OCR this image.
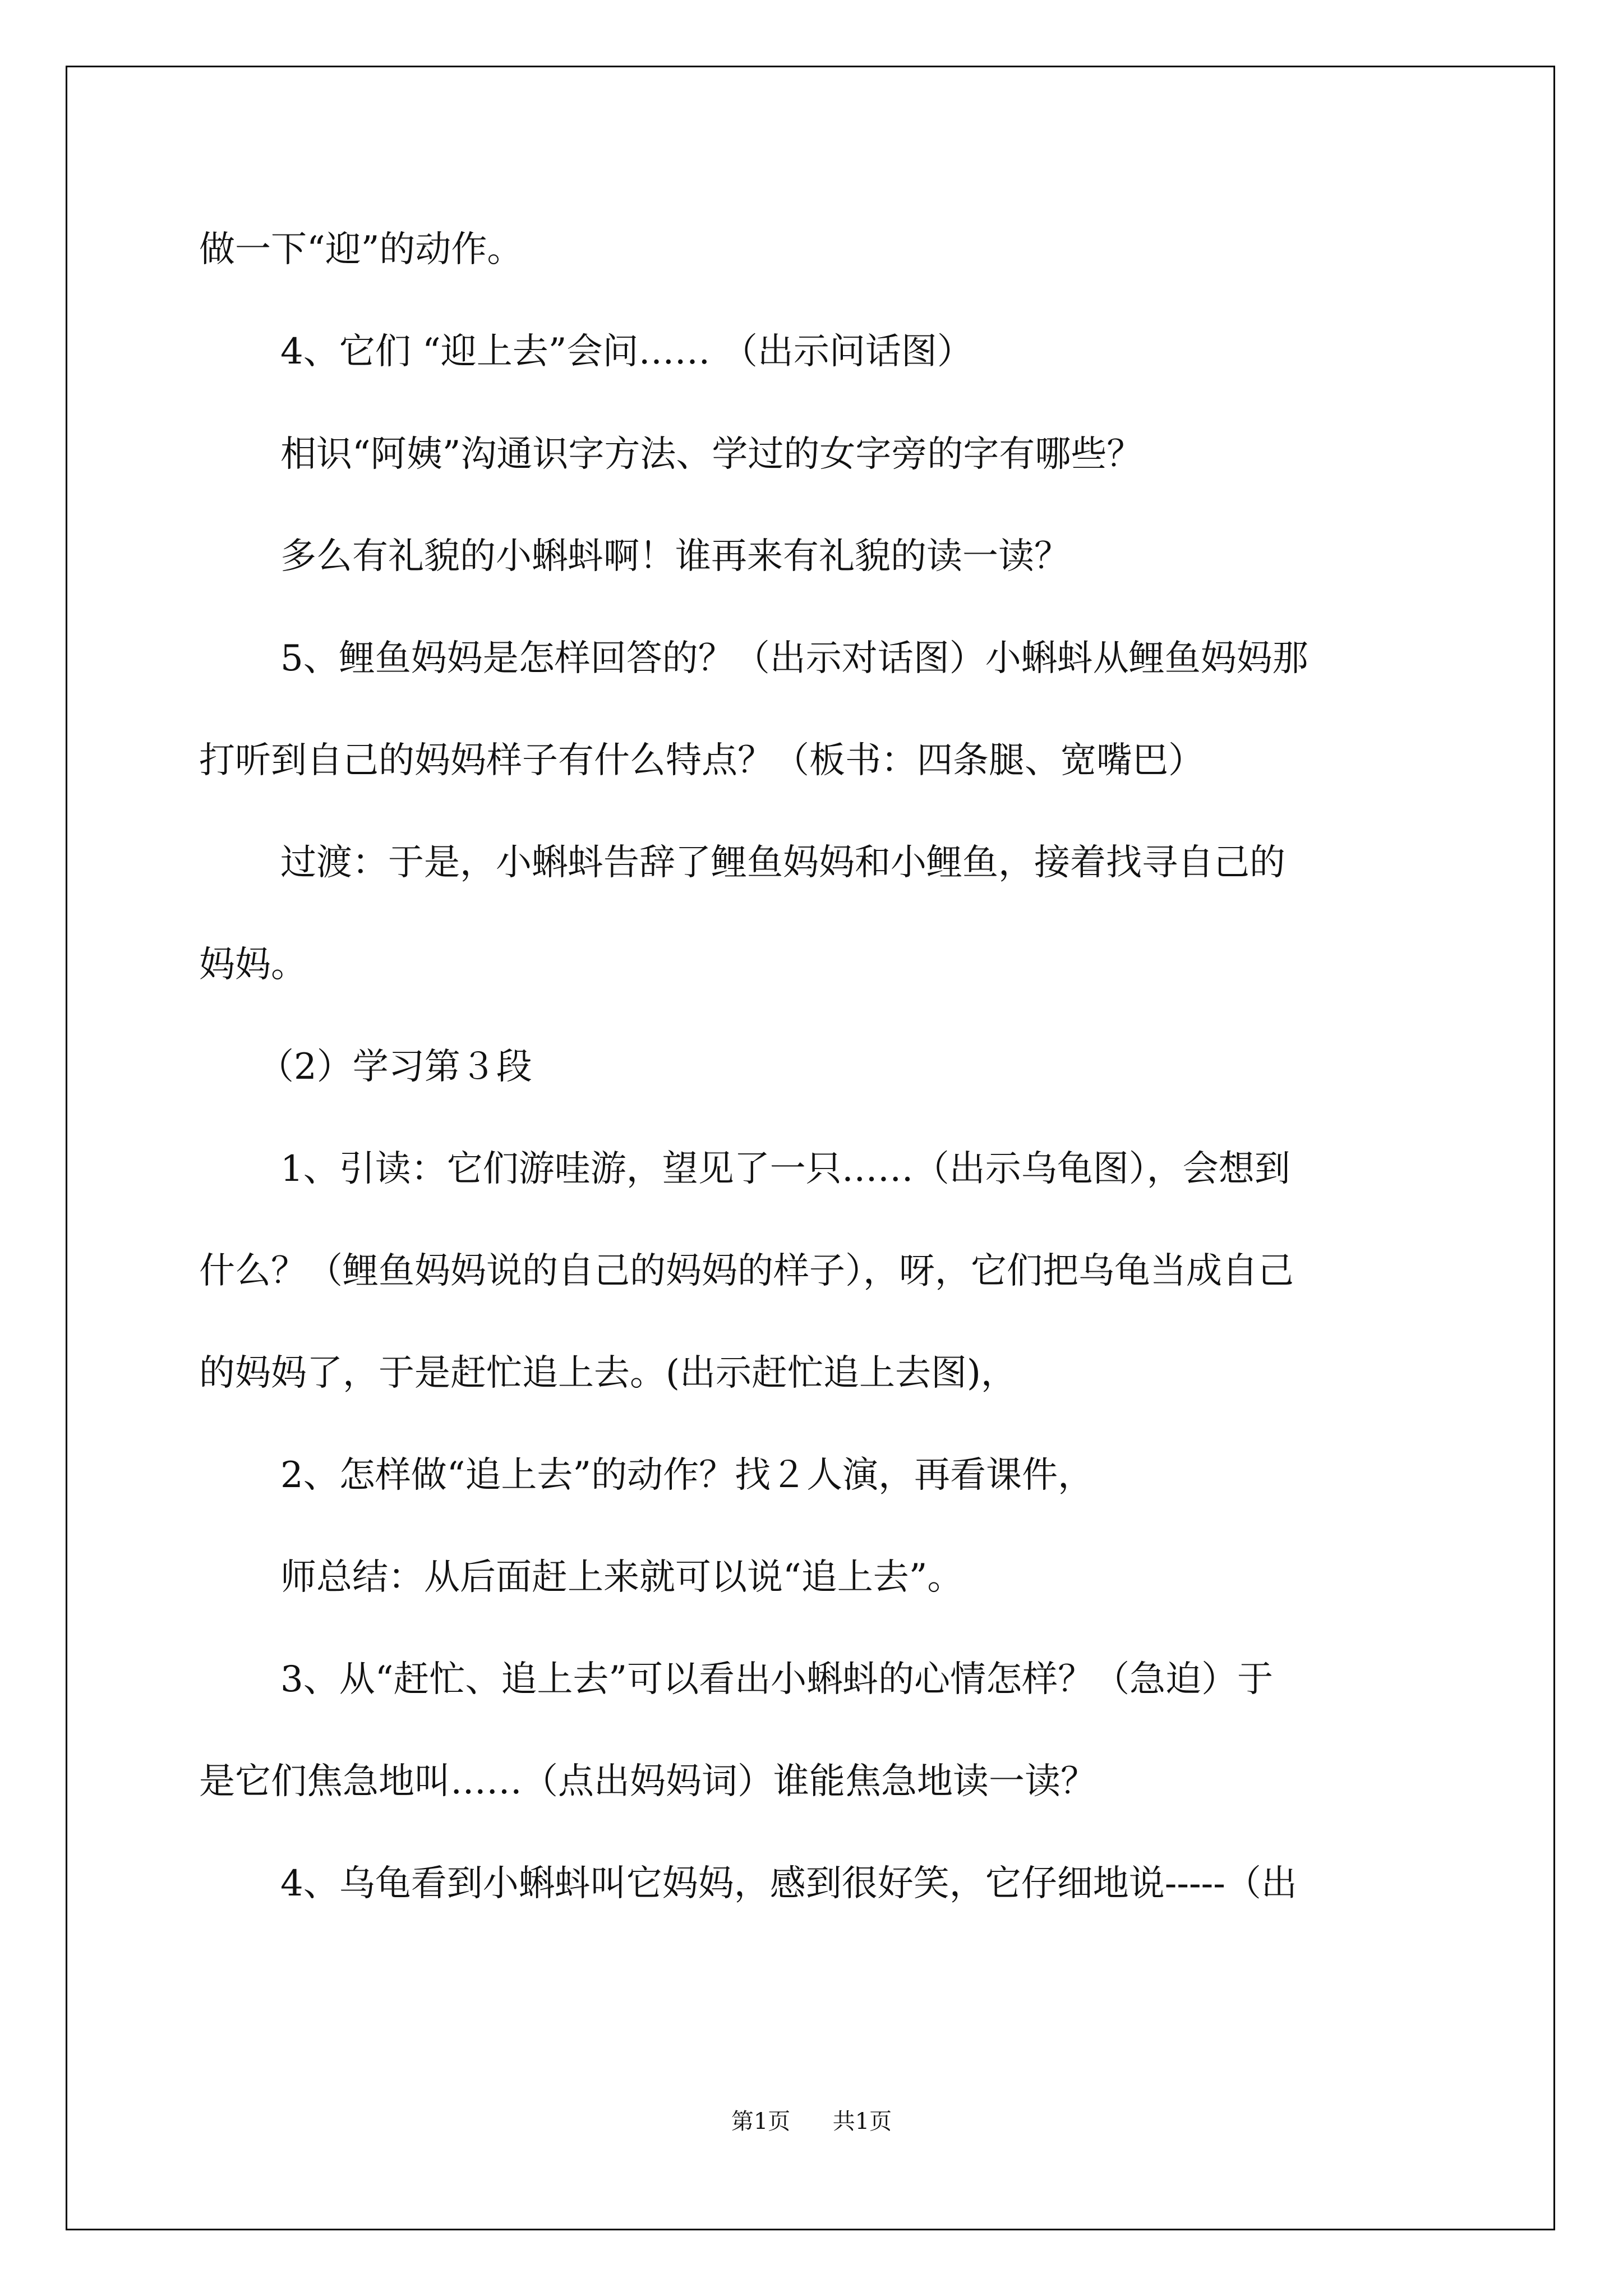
做一下“迎”的动作。

4、它们 “迎上去”会问…… （出示问话图）

相识“阿姨”沟通识字方法、学过的女字旁的字有哪些？

多么有礼貌的小蝌蚪啊！谁再来有礼貌的读一读？

5、鲤鱼妈妈是怎样回答的？（出示对话图）小蝌蚪从鲤鱼妈妈那

打听到自己的妈妈样子有什么特点？（板书：四条腿、宽嘴巴）

过渡：于是，小蝌蚪告辞了鲤鱼妈妈和小鲤鱼，接着找寻自己的

妈妈。

（2）学习第３段

1、引读：它们游哇游，望见了一只……（出示乌龟图），会想到

什么？（鲤鱼妈妈说的自己的妈妈的样子），呀，它们把乌龟当成自己

的妈妈了，于是赶忙追上去。(出示赶忙追上去图)，

2、怎样做“追上去”的动作？找２人演，再看课件，

师总结：从后面赶上来就可以说“追上去”。

3、从“赶忙、追上去”可以看出小蝌蚪的心情怎样？（急迫）于

是它们焦急地叫……（点出妈妈词）谁能焦急地读一读？

4、乌龟看到小蝌蚪叫它妈妈，感到很好笑，它仔细地说-----（出

第1页 共1页
